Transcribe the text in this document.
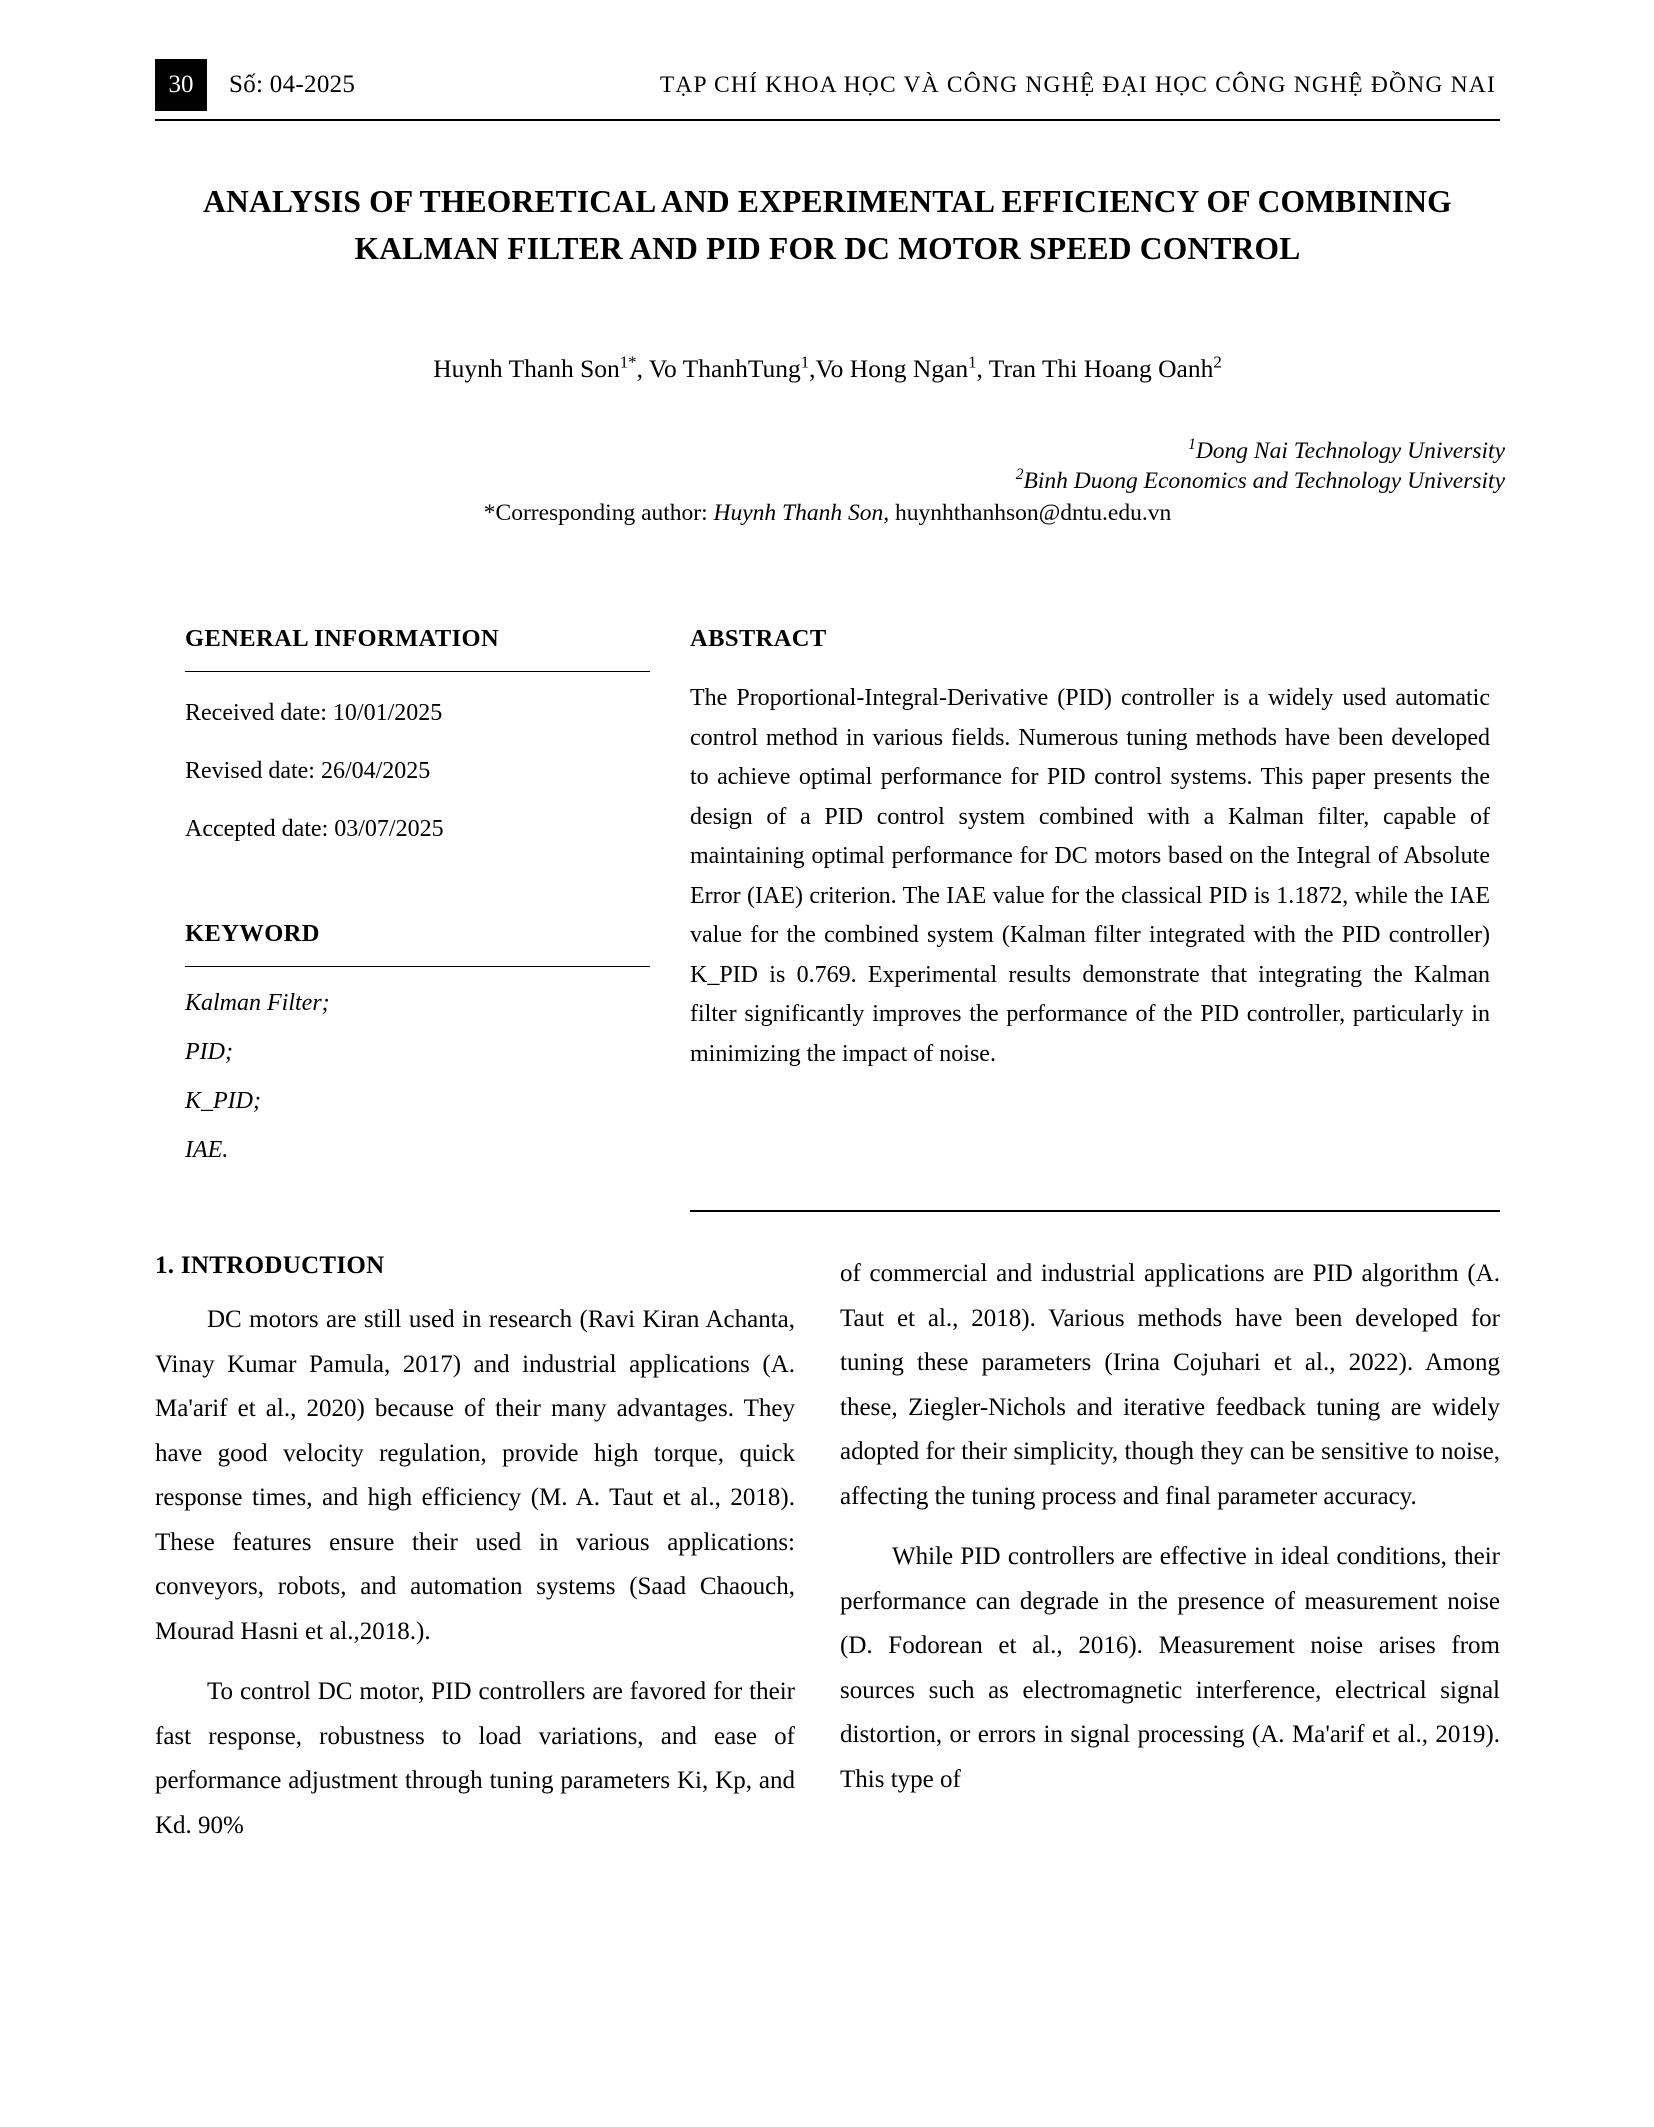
30	Số: 04-2025	TẠP CHÍ KHOA HỌC VÀ CÔNG NGHỆ ĐẠI HỌC CÔNG NGHỆ ĐỒNG NAI
ANALYSIS OF THEORETICAL AND EXPERIMENTAL EFFICIENCY OF COMBINING KALMAN FILTER AND PID FOR DC MOTOR SPEED CONTROL
Huynh Thanh Son$^{1*}$, Vo ThanhTung$^1$,Vo Hong Ngan$^1$, Tran Thi Hoang Oanh$^2$
$^1$Dong Nai Technology University
$^2$Binh Duong Economics and Technology University
*Corresponding author: Huynh Thanh Son, huynhthanhson@dntu.edu.vn
GENERAL INFORMATION
Received date: 10/01/2025
Revised date: 26/04/2025
Accepted date: 03/07/2025
KEYWORD
Kalman Filter;
PID;
K_PID;
IAE.
ABSTRACT
The Proportional-Integral-Derivative (PID) controller is a widely used automatic control method in various fields. Numerous tuning methods have been developed to achieve optimal performance for PID control systems. This paper presents the design of a PID control system combined with a Kalman filter, capable of maintaining optimal performance for DC motors based on the Integral of Absolute Error (IAE) criterion. The IAE value for the classical PID is 1.1872, while the IAE value for the combined system (Kalman filter integrated with the PID controller) K_PID is 0.769. Experimental results demonstrate that integrating the Kalman filter significantly improves the performance of the PID controller, particularly in minimizing the impact of noise.
1. INTRODUCTION

DC motors are still used in research (Ravi Kiran Achanta, Vinay Kumar Pamula, 2017) and industrial applications (A. Ma'arif et al., 2020) because of their many advantages. They have good velocity regulation, provide high torque, quick response times, and high efficiency (M. A. Taut et al., 2018). These features ensure their used in various applications: conveyors, robots, and automation systems (Saad Chaouch, Mourad Hasni et al.,2018.).

To control DC motor, PID controllers are favored for their fast response, robustness to load variations, and ease of performance adjustment through tuning parameters Ki, Kp, and Kd. 90%

of commercial and industrial applications are PID algorithm (A. Taut et al., 2018). Various methods have been developed for tuning these parameters (Irina Cojuhari et al., 2022). Among these, Ziegler-Nichols and iterative feedback tuning are widely adopted for their simplicity, though they can be sensitive to noise, affecting the tuning process and final parameter accuracy.

While PID controllers are effective in ideal conditions, their performance can degrade in the presence of measurement noise (D. Fodorean et al., 2016). Measurement noise arises from sources such as electromagnetic interference, electrical signal distortion, or errors in signal processing (A. Ma'arif et al., 2019). This type of
